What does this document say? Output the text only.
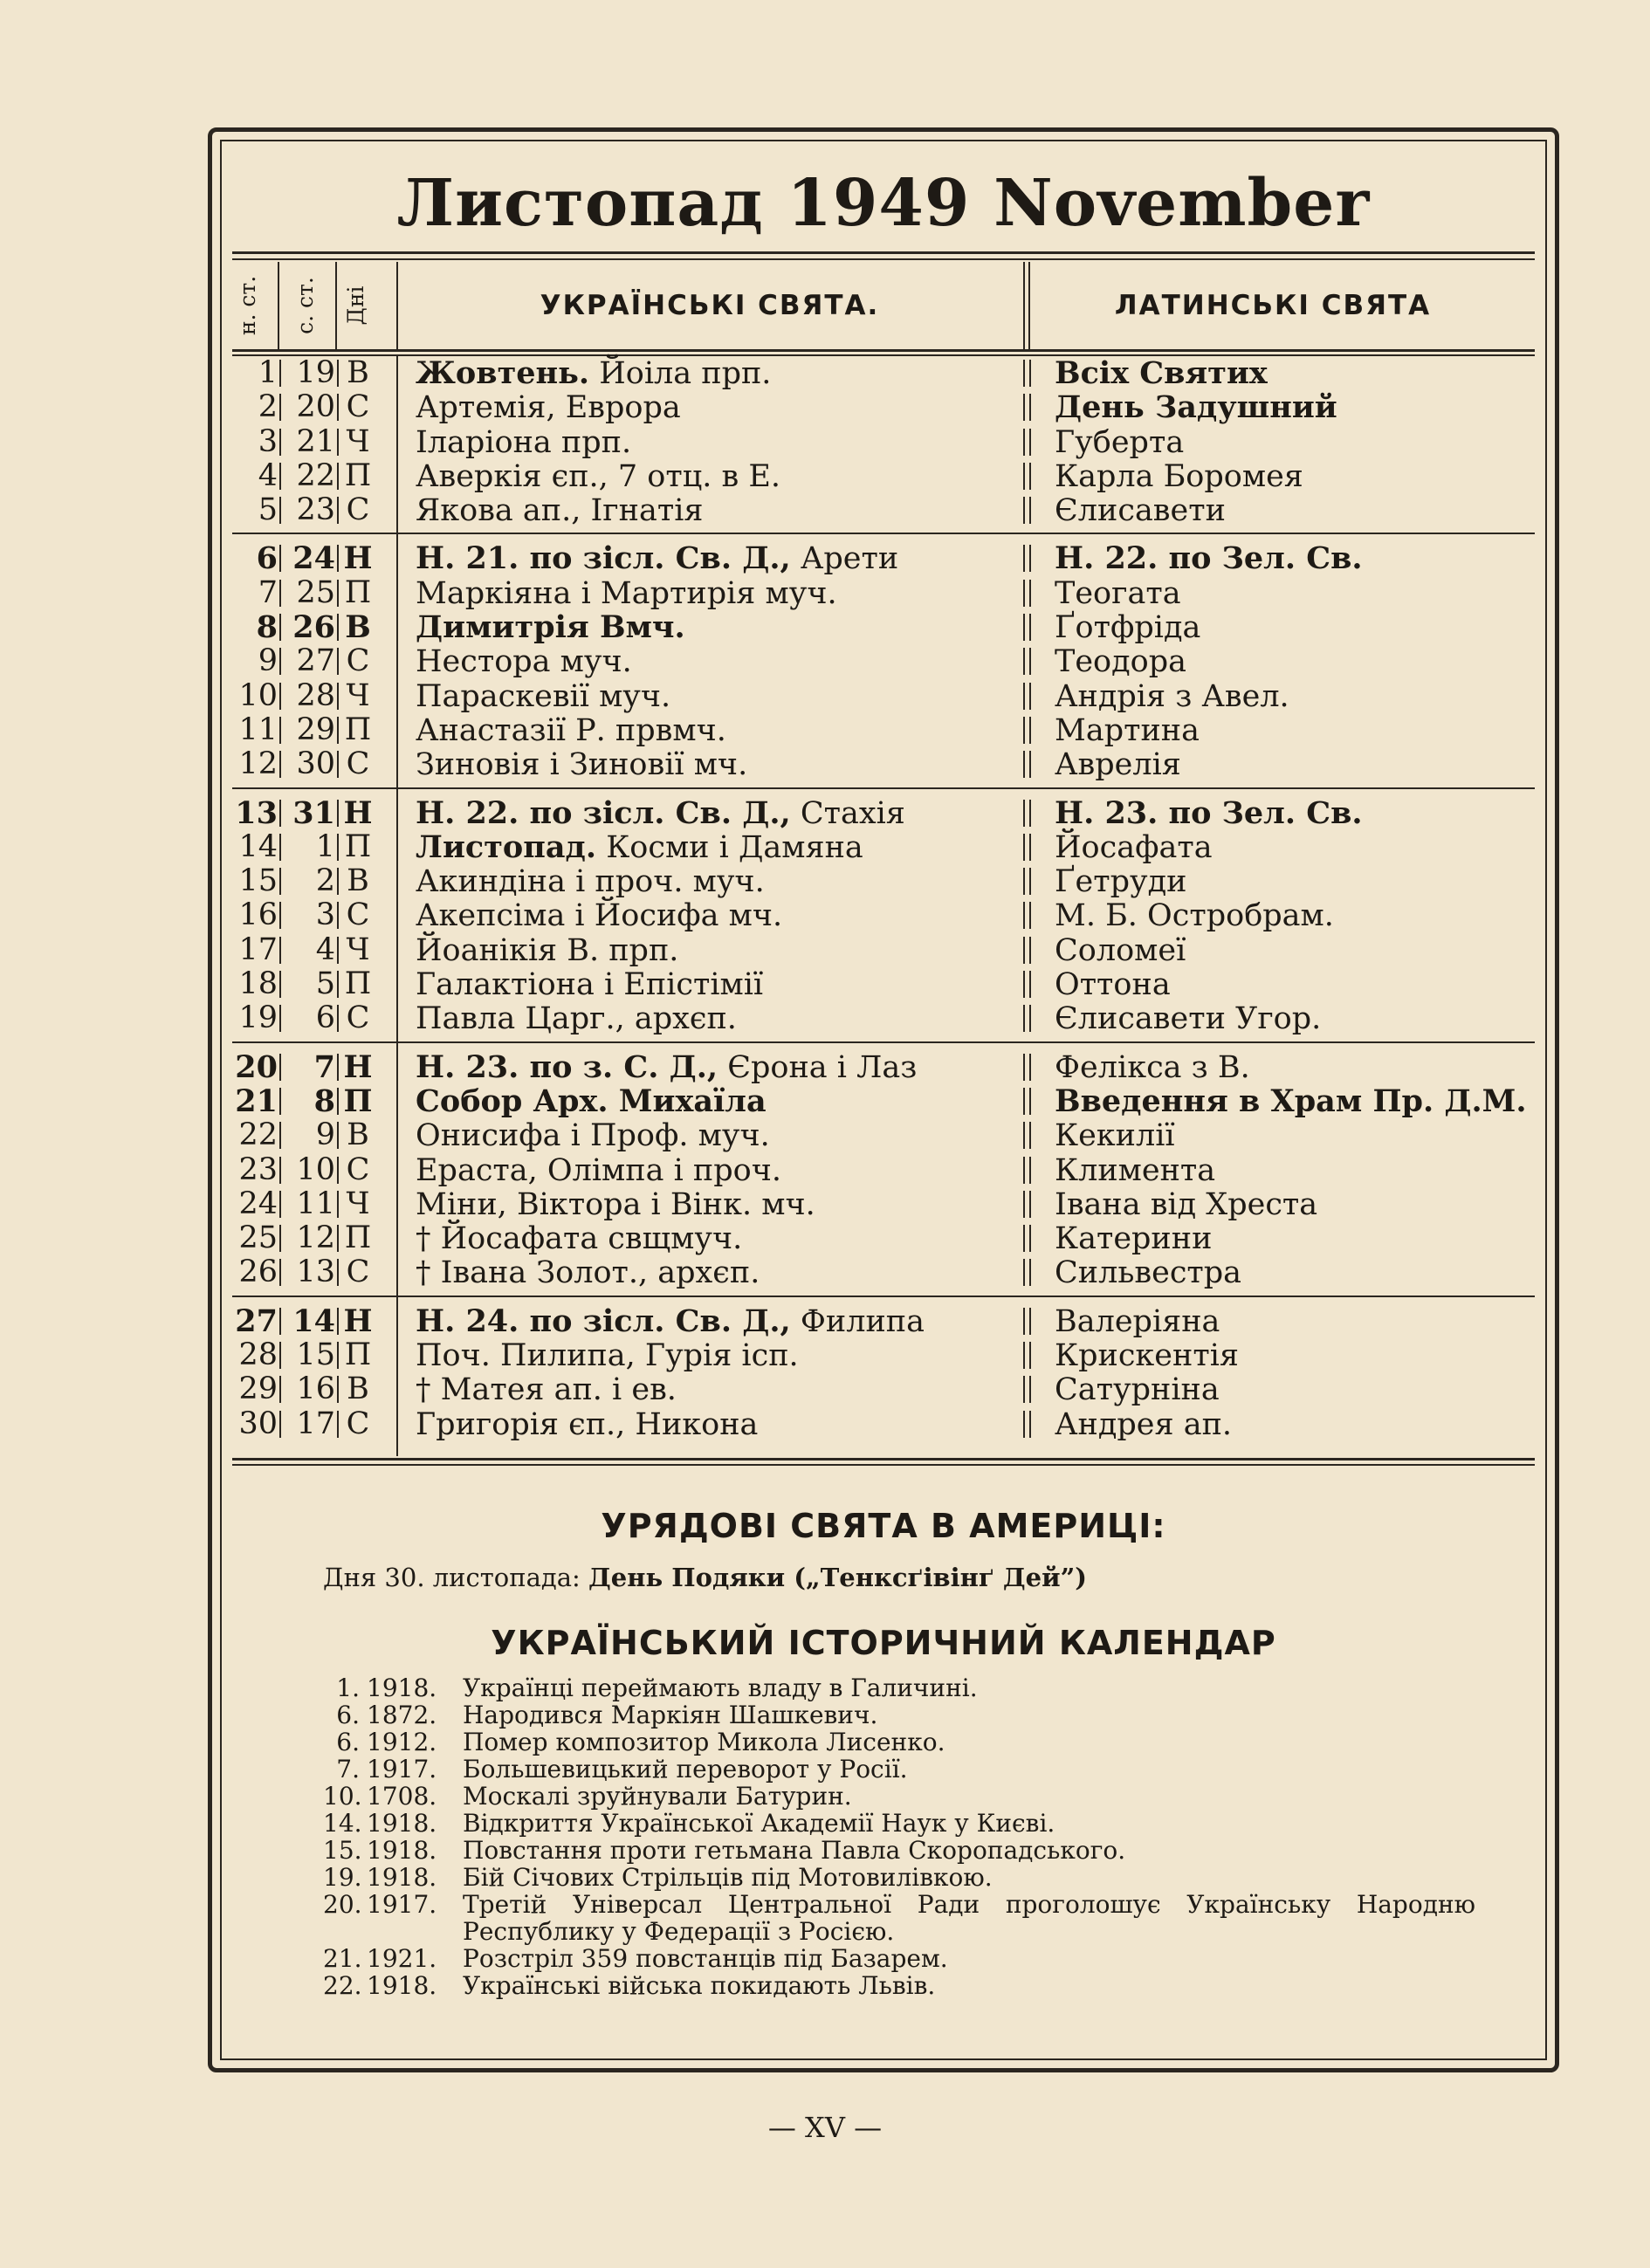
Листопад 1949 November
н. ст. с. ст. Дні	УКРАЇНСЬКІ СВЯТА.	ЛАТИНСЬКІ СВЯТА
1 19 В Жовтень. Йоіла прп.	Всіх Святих
2 20 С Артемія, Еврора	День Задушний
3 21 Ч Іларіона прп.	Губерта
4 22 П Аверкія єп., 7 отц. в Е.	Карла Боромея
5 23 С Якова ап., Ігнатія	Єлисавети
6 24 Н Н. 21. по зісл. Св. Д., Арети	Н. 22. по Зел. Св.
7 25 П Маркіяна і Мартирія муч.	Теогата
8 26 В Димитрія Вмч.	Ґотфріда
9 27 С Нестора муч.	Теодора
10 28 Ч Параскевії муч.	Андрія з Авел.
11 29 П Анастазії Р. првмч.	Мартина
12 30 С Зиновія і Зиновії мч.	Аврелія
13 31 Н Н. 22. по зісл. Св. Д., Стахія	Н. 23. по Зел. Св.
14	1 П Листопад. Косми і Дамяна	Йосафата
15	2 В Акиндіна і проч. муч.	Ґетруди
16	3 С Акепсіма і Йосифа мч.	М. Б. Остробрам.
17	4 Ч Йоанікія В. прп.	Соломеї
18	5 П Галактіона і Епістімії	Оттона
19	6 С Павла Царг., архєп.	Єлисавети Угор.
20	7 Н Н. 23. по з. С. Д., Єрона і Лаз	Фелікса з В.
21	8 П Собор Арх. Михаїла	Введення в Храм Пр. Д.М.
22	9 В Онисифа і Проф. муч.	Кекилії
23 10 С Ераста, Олімпа і проч.	Климента
24 11 Ч Міни, Віктора і Вінк. мч.	Івана від Хреста
25 12 П † Йосафата свщмуч.	Катерини
26 13 С † Івана Золот., архєп.	Сильвестра
27 14 Н Н. 24. по зісл. Св. Д., Филипа	Валеріяна
28 15 П Поч. Пилипа, Гурія ісп.	Крискентія
29 16 В † Матея ап. і ев.	Сатурніна
30 17 С Григорія єп., Никона	Андрея ап.
УРЯДОВІ СВЯТА В АМЕРИЦІ:
Дня 30. листопада: День Подяки („Тенксґівінґ Дей”)
УКРАЇНСЬКИЙ ІСТОРИЧНИЙ КАЛЕНДАР
1. 1918. Українці переймають владу в Галичині.
6. 1872. Народився Маркіян Шашкевич.
6. 1912. Помер композитор Микола Лисенко.
7. 1917. Большевицький переворот у Росії.
10. 1708. Москалі зруйнували Батурин.
14. 1918. Відкриття Української Академії Наук у Києві.
15. 1918. Повстання проти гетьмана Павла Скоропадського.
19. 1918. Бій Січових Стрільців під Мотовилівкою.
20. 1917. Третій Універсал Центральної Ради проголошує Українську Народню Республику у Федерації з Росією.
21. 1921. Розстріл 359 повстанців під Базарем.
22. 1918. Українські війська покидають Львів.
— XV —
